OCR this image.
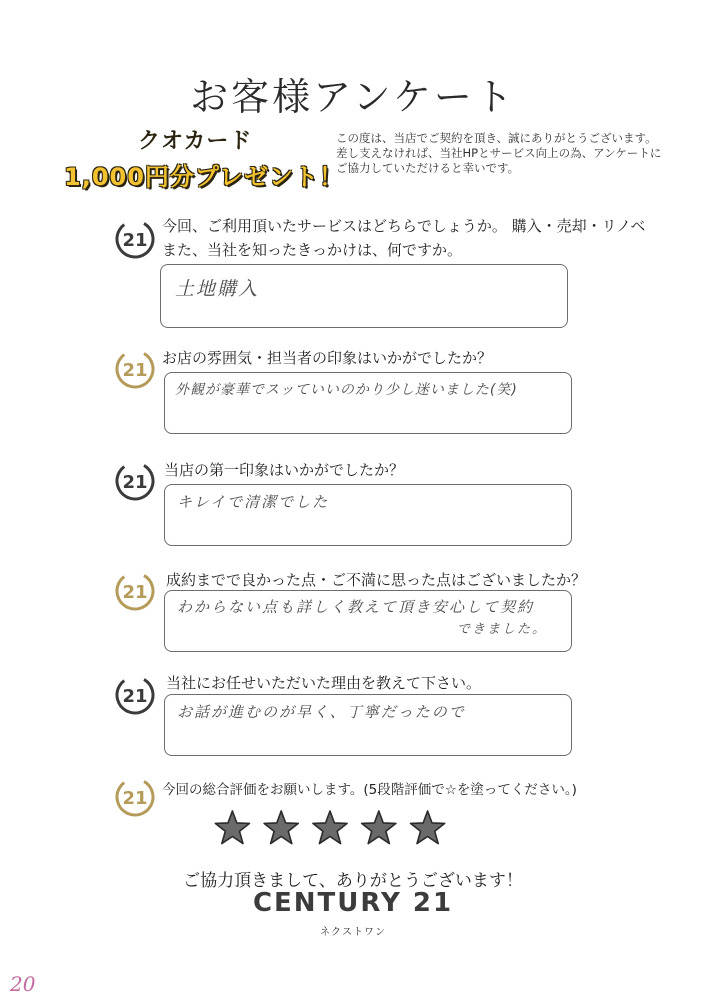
お客様アンケート
クオカード
1,000円分プレゼント！
この度は、当店でご契約を頂き、誠にありがとうございます。
差し支えなければ、当社HPとサービス向上の為、アンケートに
ご協力していただけると幸いです。
21
今回、ご利用頂いたサービスはどちらでしょうか。 購入・売却・リノベ
また、当社を知ったきっかけは、何ですか。
土地購入
21
お店の雰囲気・担当者の印象はいかがでしたか？
外観が豪華でスッていいのかり少し迷いました(笑)
21
当店の第一印象はいかがでしたか？
キレイで清潔でした
21
成約までで良かった点・ご不満に思った点はございましたか？
わからない点も詳しく教えて頂き安心して契約
できました。
21
当社にお任せいただいた理由を教えて下さい。
お話が進むのが早く、丁寧だったので
21 今回の総合評価をお願いします。(5段階評価で☆を塗ってください。)
ご協力頂きまして、ありがとうございます！
CENTURY 21
ネクストワン
20
